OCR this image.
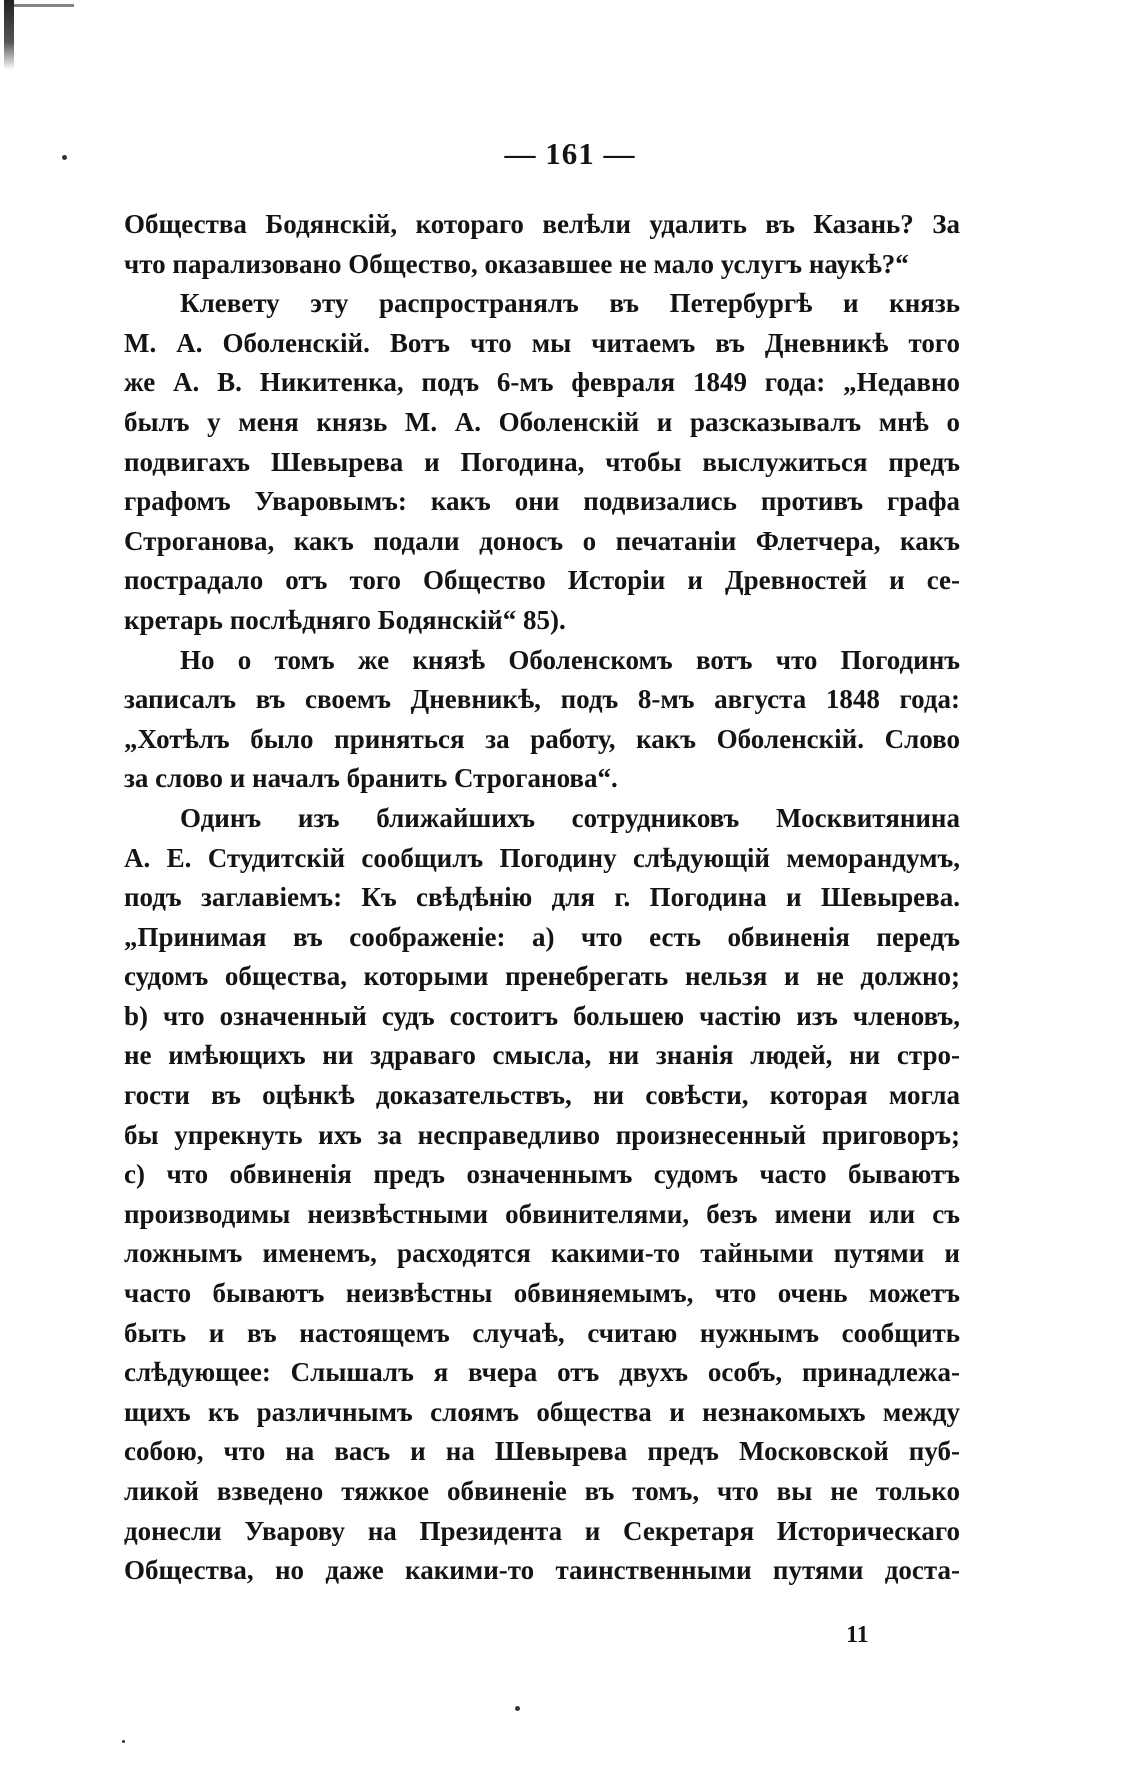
— 161 —
Общества Бодянскій, котораго велѣли удалить въ Казань? За
что парализовано Общество, оказавшее не мало услугъ наукѣ?“
Клевету эту распространялъ въ Петербургѣ и князь
М. А. Оболенскій. Вотъ что мы читаемъ въ Дневникѣ того
же А. В. Никитенка, подъ 6-мъ февраля 1849 года: „Недавно
былъ у меня князь М. А. Оболенскій и разсказывалъ мнѣ о
подвигахъ Шевырева и Погодина, чтобы выслужиться предъ
графомъ Уваровымъ: какъ они подвизались противъ графа
Строганова, какъ подали доносъ о печатаніи Флетчера, какъ
пострадало отъ того Общество Исторіи и Древностей и се-
кретарь послѣдняго Бодянскій“ 85).
Но о томъ же князѣ Оболенскомъ вотъ что Погодинъ
записалъ въ своемъ Дневникѣ, подъ 8-мъ августа 1848 года:
„Хотѣлъ было приняться за работу, какъ Оболенскій. Слово
за слово и началъ бранить Строганова“.
Одинъ изъ ближайшихъ сотрудниковъ Москвитянина
А. Е. Студитскій сообщилъ Погодину слѣдующій меморандумъ,
подъ заглавіемъ: Къ свѣдѣнію для г. Погодина и Шевырева.
„Принимая въ соображеніе: a) что есть обвиненія передъ
судомъ общества, которыми пренебрегать нельзя и не должно;
b) что означенный судъ состоитъ большею частію изъ членовъ,
не имѣющихъ ни здраваго смысла, ни знанія людей, ни стро-
гости въ оцѣнкѣ доказательствъ, ни совѣсти, которая могла
бы упрекнуть ихъ за несправедливо произнесенный приговоръ;
c) что обвиненія предъ означеннымъ судомъ часто бываютъ
производимы неизвѣстными обвинителями, безъ имени или съ
ложнымъ именемъ, расходятся какими-то тайными путями и
часто бываютъ неизвѣстны обвиняемымъ, что очень можетъ
быть и въ настоящемъ случаѣ, считаю нужнымъ сообщить
слѣдующее: Слышалъ я вчера отъ двухъ особъ, принадлежа-
щихъ къ различнымъ слоямъ общества и незнакомыхъ между
собою, что на васъ и на Шевырева предъ Московской пуб-
ликой взведено тяжкое обвиненіе въ томъ, что вы не только
донесли Уварову на Президента и Секретаря Историческаго
Общества, но даже какими-то таинственными путями доста-
11
